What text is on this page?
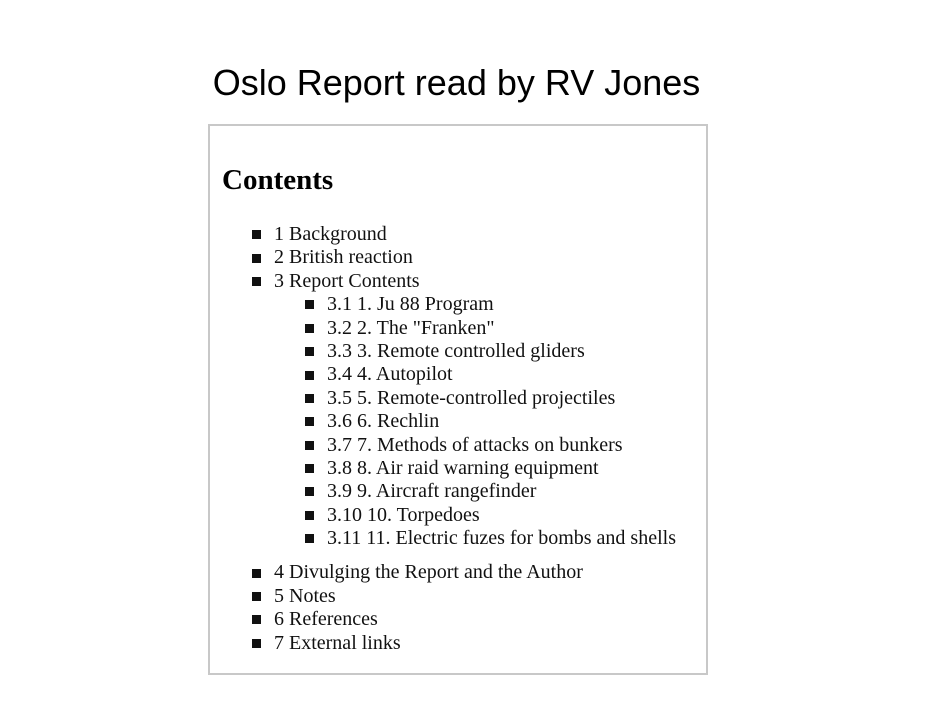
Oslo Report read by RV Jones
Contents
1 Background
2 British reaction
3 Report Contents
3.1 1. Ju 88 Program
3.2 2. The "Franken"
3.3 3. Remote controlled gliders
3.4 4. Autopilot
3.5 5. Remote-controlled projectiles
3.6 6. Rechlin
3.7 7. Methods of attacks on bunkers
3.8 8. Air raid warning equipment
3.9 9. Aircraft rangefinder
3.10 10. Torpedoes
3.11 11. Electric fuzes for bombs and shells
4 Divulging the Report and the Author
5 Notes
6 References
7 External links
